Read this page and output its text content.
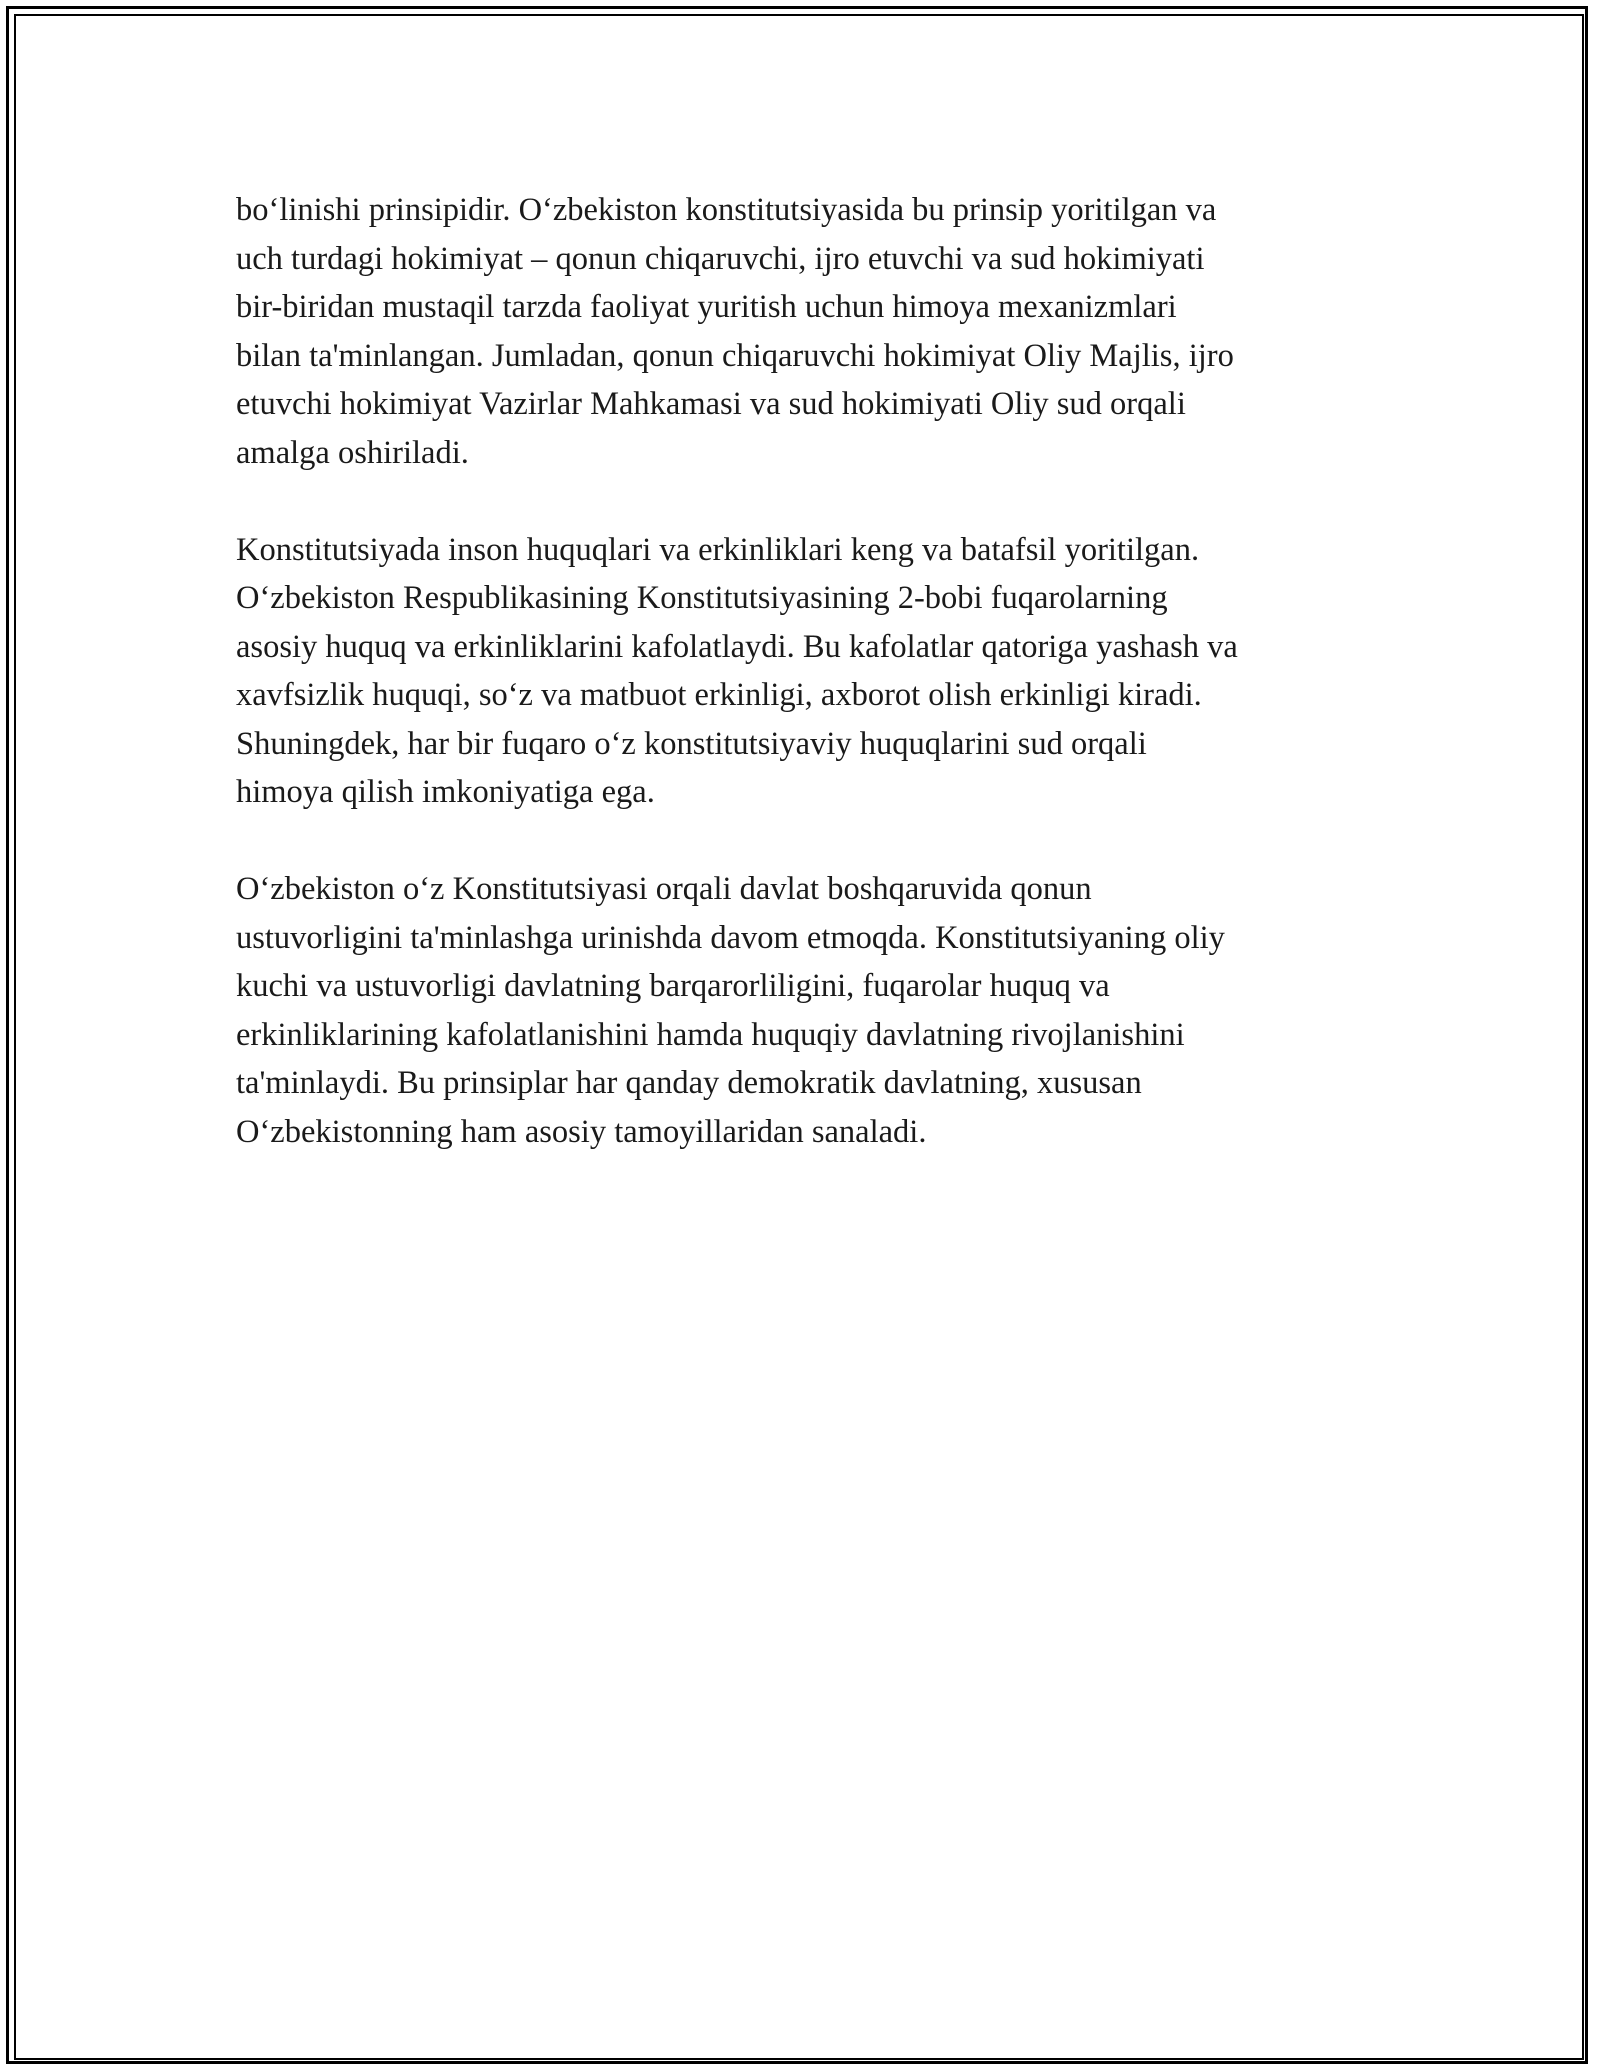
bo‘linishi prinsipidir. O‘zbekiston konstitutsiyasida bu prinsip yoritilgan va
uch turdagi hokimiyat – qonun chiqaruvchi, ijro etuvchi va sud hokimiyati
bir-biridan mustaqil tarzda faoliyat yuritish uchun himoya mexanizmlari
bilan ta'minlangan. Jumladan, qonun chiqaruvchi hokimiyat Oliy Majlis, ijro
etuvchi hokimiyat Vazirlar Mahkamasi va sud hokimiyati Oliy sud orqali
amalga oshiriladi.
Konstitutsiyada inson huquqlari va erkinliklari keng va batafsil yoritilgan.
O‘zbekiston Respublikasining Konstitutsiyasining 2-bobi fuqarolarning
asosiy huquq va erkinliklarini kafolatlaydi. Bu kafolatlar qatoriga yashash va
xavfsizlik huquqi, so‘z va matbuot erkinligi, axborot olish erkinligi kiradi.
Shuningdek, har bir fuqaro o‘z konstitutsiyaviy huquqlarini sud orqali
himoya qilish imkoniyatiga ega.
O‘zbekiston o‘z Konstitutsiyasi orqali davlat boshqaruvida qonun
ustuvorligini ta'minlashga urinishda davom etmoqda. Konstitutsiyaning oliy
kuchi va ustuvorligi davlatning barqarorliligini, fuqarolar huquq va
erkinliklarining kafolatlanishini hamda huquqiy davlatning rivojlanishini
ta'minlaydi. Bu prinsiplar har qanday demokratik davlatning, xususan
O‘zbekistonning ham asosiy tamoyillaridan sanaladi.
